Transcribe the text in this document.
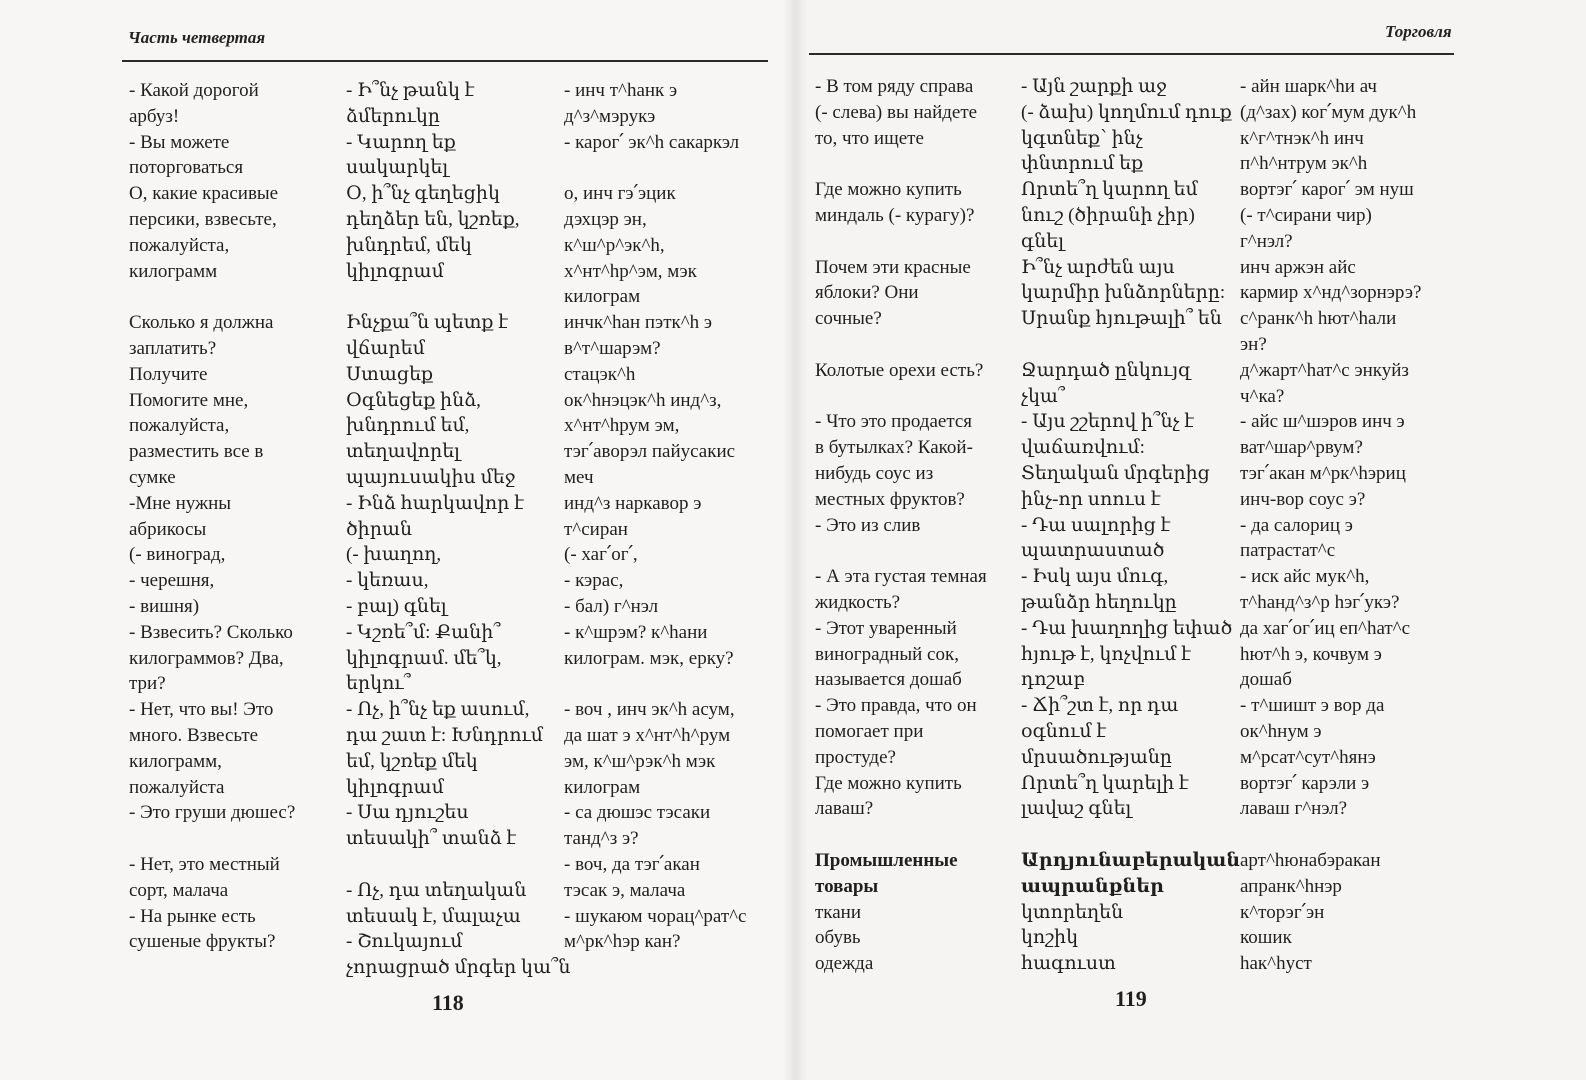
Часть четвертая
- Какой дорогой
арбуз!
- Вы можете
поторговаться
О, какие красивые
персики, взвесьте,
пожалуйста,
килограмм
Сколько я должна
заплатить?
Получите
Помогите мне,
пожалуйста,
разместить все в
сумке
-Мне нужны
абрикосы
(- виноград,
- черешня,
- вишня)
- Взвесить? Сколько
килограммов? Два,
три?
- Нет, что вы! Это
много. Взвесьте
килограмм,
пожалуйста
- Это груши дюшес?
- Нет, это местный
сорт, малача
- На рынке есть
сушеные фрукты?
- Ի՞նչ թանկ է
ձմերուկը
- Կարող եք
սակարկել
Օ, ի՞նչ գեղեցիկ
դեղձեր են, կշռեք,
խնդրեմ, մեկ
կիլոգրամ
Ինչքա՞ն պետք է
վճարեմ
Ստացեք
Օգնեցեք ինձ,
խնդրում եմ,
տեղավորել
պայուսակիս մեջ
- Ինձ հարկավոր է
ծիրան
(- խաղող,
- կեռաս,
- բալ) գնել
- Կշռե՞մ: Քանի՞
կիլոգրամ. մե՞կ,
երկու՞
- Ոչ, ի՞նչ եք ասում,
դա շատ է: Խնդրում
եմ, կշռեք մեկ
կիլոգրամ
- Սա դյուշես
տեսակի՞ տանձ է
- Ոչ, դա տեղական
տեսակ է, մալաչա
- Շուկայում
չորացրած մրգեր կա՞ն
- инч т^hанк э
д^з^мэрукэ
- карог՛ эк^h сакаркэл
о, инч гэ՛эцик
дэхцэр эн,
к^ш^р^эк^h,
х^нт^hр^эм, мэк
килограм
инчк^hан пэтк^h э
в^т^шарэм?
стацэк^h
ок^hнэцэк^h инд^з,
х^нт^hрум эм,
тэг՛аворэл пайусакис
меч
инд^з наркавор э
т^сиран
(- хаг՛ог՛,
- кэрас,
- бал) г^нэл
- к^шрэм? к^hани
килограм. мэк, ерку?
- воч , инч эк^h асум,
да шат э х^нт^h^рум
эм, к^ш^рэк^h мэк
килограм
- са дюшэс тэсаки
танд^з э?
- воч, да тэг՛акан
тэсак э, малача
- шукаюм чорац^рат^с
м^рк^hэр кан?
118
Торговля
- В том ряду справа
(- слева) вы найдете
то, что ищете
Где можно купить
миндаль (- курагу)?
Почем эти красные
яблоки? Они
сочные?
Колотые орехи есть?
- Что это продается
в бутылках? Какой-
нибудь соус из
местных фруктов?
- Это из слив
- А эта густая темная
жидкость?
- Этот уваренный
виноградный сок,
называется дошаб
- Это правда, что он
помогает при
простуде?
Где можно купить
лаваш?
Промышленные
товары
ткани
обувь
одежда
- Այն շարքի աջ
(- ձախ) կողմում դուք
կգտնեք՝ ինչ
փնտրում եք
Որտե՞ղ կարող եմ
նուշ (ծիրանի չիր)
գնել
Ի՞նչ արժեն այս
կարմիր խնձորները:
Սրանք հյութալի՞ են
Ջարդած ընկույզ
չկա՞
- Այս շշերով ի՞նչ է
վաճառվում:
Տեղական մրգերից
ինչ-որ սոուս է
- Դա սալորից է
պատրաստած
- Իսկ այս մուգ,
թանձր հեղուկը
- Դա խաղողից եփած
հյութ է, կոչվում է
դոշաբ
- Ճի՞շտ է, որ դա
օգնում է
մրսածությանը
Որտե՞ղ կարելի է
լավաշ գնել
Արդյունաբերական
ապրանքներ
կտորեղեն
կոշիկ
հագուստ
- айн шарк^hи ач
(д^зах) ког՛мум дук^h
к^г^тнэк^h инч
п^h^нтрум эк^h
вортэг՛ карог՛ эм нуш
(- т^сирани чир)
г^нэл?
инч аржэн айс
кармир х^нд^зорнэрэ?
с^ранк^h hют^hали
эн?
д^жарт^hат^с энкуйз
ч^ка?
- айс ш^шэров инч э
ват^шар^рвум?
тэг՛акан м^рк^hэриц
инч-вор соус э?
- да салориц э
патрастат^с
- иск айс мук^h,
т^hанд^з^р hэг՛укэ?
да хаг՛ог՛иц еп^hат^с
hют^h э, кочвум э
дошаб
- т^шишт э вор да
ок^hнум э
м^рсат^сут^hянэ
вортэг՛ карэли э
лаваш г^нэл?
арт^hюнабэракан
апранк^hнэр
к^торэг՛эн
кошик
hак^hуст
119
